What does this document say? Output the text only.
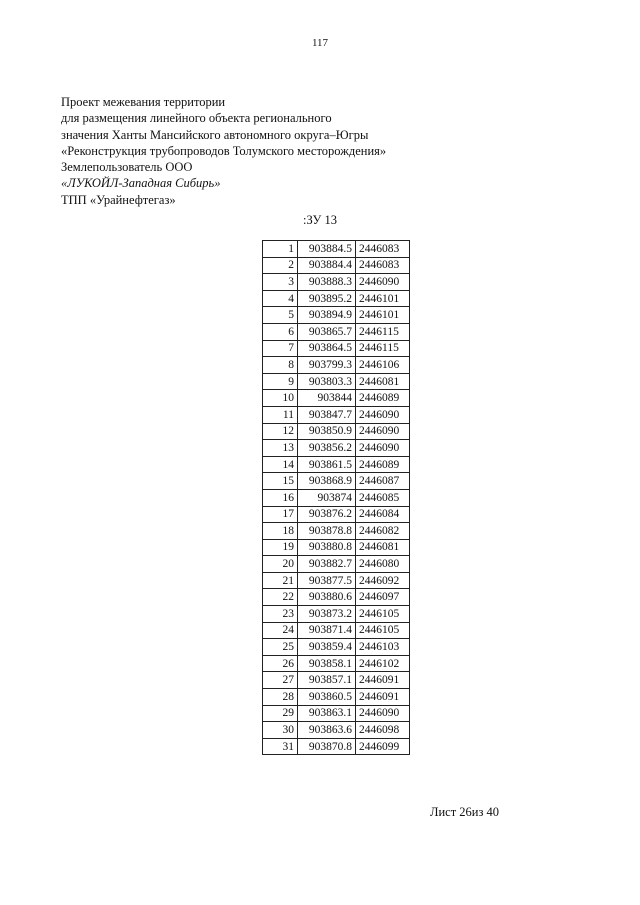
117
Проект межевания территории
для размещения линейного объекта регионального
значения Ханты Мансийского автономного округа–Югры
«Реконструкция трубопроводов Толумского месторождения»
Землепользователь ООО
«ЛУКОЙЛ-Западная Сибирь»
ТПП «Урайнефтегаз»
:ЗУ 13
1	903884.5	2446083
2	903884.4	2446083
3	903888.3	2446090
4	903895.2	2446101
5	903894.9	2446101
6	903865.7	2446115
7	903864.5	2446115
8	903799.3	2446106
9	903803.3	2446081
10	903844	2446089
11	903847.7	2446090
12	903850.9	2446090
13	903856.2	2446090
14	903861.5	2446089
15	903868.9	2446087
16	903874	2446085
17	903876.2	2446084
18	903878.8	2446082
19	903880.8	2446081
20	903882.7	2446080
21	903877.5	2446092
22	903880.6	2446097
23	903873.2	2446105
24	903871.4	2446105
25	903859.4	2446103
26	903858.1	2446102
27	903857.1	2446091
28	903860.5	2446091
29	903863.1	2446090
30	903863.6	2446098
31	903870.8	2446099
Лист 26из 40
